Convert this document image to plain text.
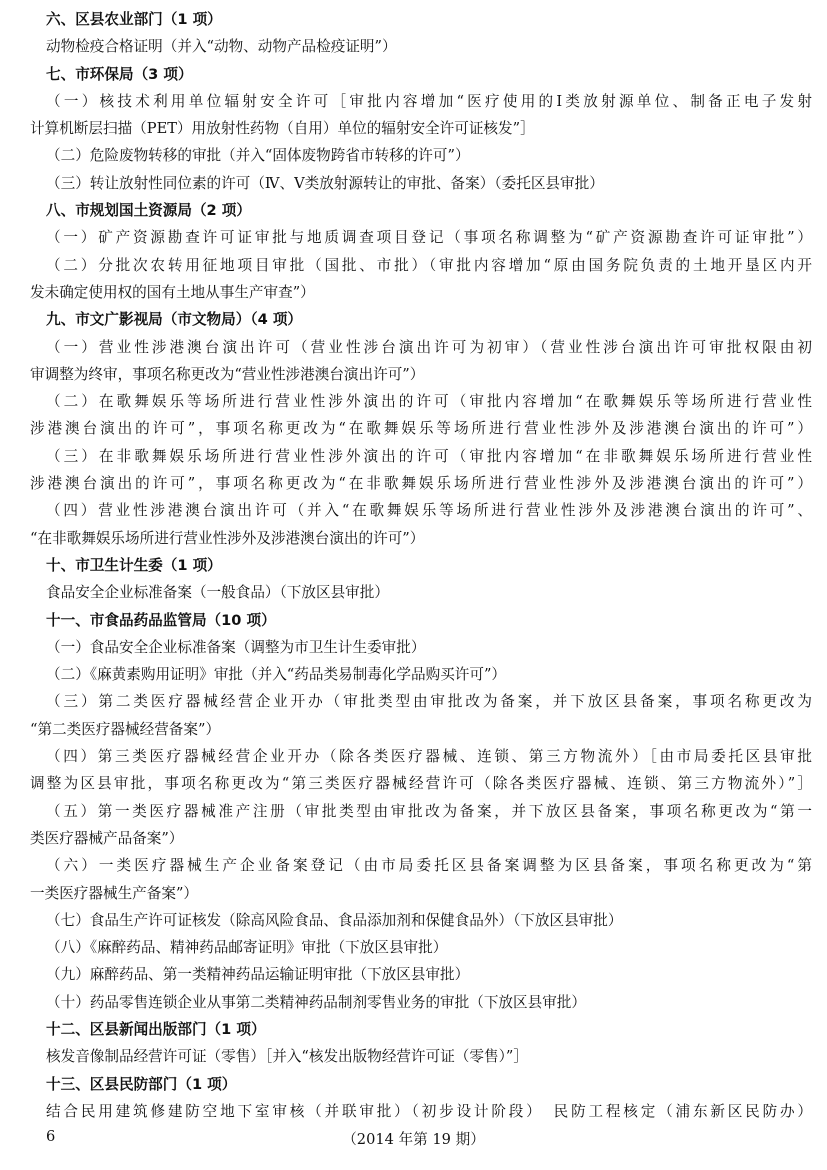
六、区县农业部门（1 项）
动物检疫合格证明（并入“动物、动物产品检疫证明”）
七、市环保局（3 项）
（一）核技术利用单位辐射安全许可［审批内容增加“医疗使用的Ⅰ类放射源单位、制备正电子发射
计算机断层扫描（PET）用放射性药物（自用）单位的辐射安全许可证核发”］
（二）危险废物转移的审批（并入“固体废物跨省市转移的许可”）
（三）转让放射性同位素的许可（Ⅳ、Ⅴ类放射源转让的审批、备案）（委托区县审批）
八、市规划国土资源局（2 项）
（一）矿产资源勘查许可证审批与地质调查项目登记（事项名称调整为“矿产资源勘查许可证审批”）
（二）分批次农转用征地项目审批（国批、市批）（审批内容增加“原由国务院负责的土地开垦区内开
发未确定使用权的国有土地从事生产审查”）
九、市文广影视局（市文物局）（4 项）
（一）营业性涉港澳台演出许可（营业性涉台演出许可为初审）（营业性涉台演出许可审批权限由初
审调整为终审，事项名称更改为“营业性涉港澳台演出许可”）
（二）在歌舞娱乐等场所进行营业性涉外演出的许可（审批内容增加“在歌舞娱乐等场所进行营业性
涉港澳台演出的许可”，事项名称更改为“在歌舞娱乐等场所进行营业性涉外及涉港澳台演出的许可”）
（三）在非歌舞娱乐场所进行营业性涉外演出的许可（审批内容增加“在非歌舞娱乐场所进行营业性
涉港澳台演出的许可”，事项名称更改为“在非歌舞娱乐场所进行营业性涉外及涉港澳台演出的许可”）
（四）营业性涉港澳台演出许可（并入“在歌舞娱乐等场所进行营业性涉外及涉港澳台演出的许可”、
“在非歌舞娱乐场所进行营业性涉外及涉港澳台演出的许可”）
十、市卫生计生委（1 项）
食品安全企业标准备案（一般食品）（下放区县审批）
十一、市食品药品监管局（10 项）
（一）食品安全企业标准备案（调整为市卫生计生委审批）
（二）《麻黄素购用证明》审批（并入“药品类易制毒化学品购买许可”）
（三）第二类医疗器械经营企业开办（审批类型由审批改为备案，并下放区县备案，事项名称更改为
“第二类医疗器械经营备案”）
（四）第三类医疗器械经营企业开办（除各类医疗器械、连锁、第三方物流外）［由市局委托区县审批
调整为区县审批，事项名称更改为“第三类医疗器械经营许可（除各类医疗器械、连锁、第三方物流外）”］
（五）第一类医疗器械准产注册（审批类型由审批改为备案，并下放区县备案，事项名称更改为“第一
类医疗器械产品备案”）
（六）一类医疗器械生产企业备案登记（由市局委托区县备案调整为区县备案，事项名称更改为“第
一类医疗器械生产备案”）
（七）食品生产许可证核发（除高风险食品、食品添加剂和保健食品外）（下放区县审批）
（八）《麻醉药品、精神药品邮寄证明》审批（下放区县审批）
（九）麻醉药品、第一类精神药品运输证明审批（下放区县审批）
（十）药品零售连锁企业从事第二类精神药品制剂零售业务的审批（下放区县审批）
十二、区县新闻出版部门（1 项）
核发音像制品经营许可证（零售）［并入“核发出版物经营许可证（零售）”］
十三、区县民防部门（1 项）
结合民用建筑修建防空地下室审核（并联审批）（初步设计阶段）　民防工程核定（浦东新区民防办）
6	（2014 年第 19 期）
